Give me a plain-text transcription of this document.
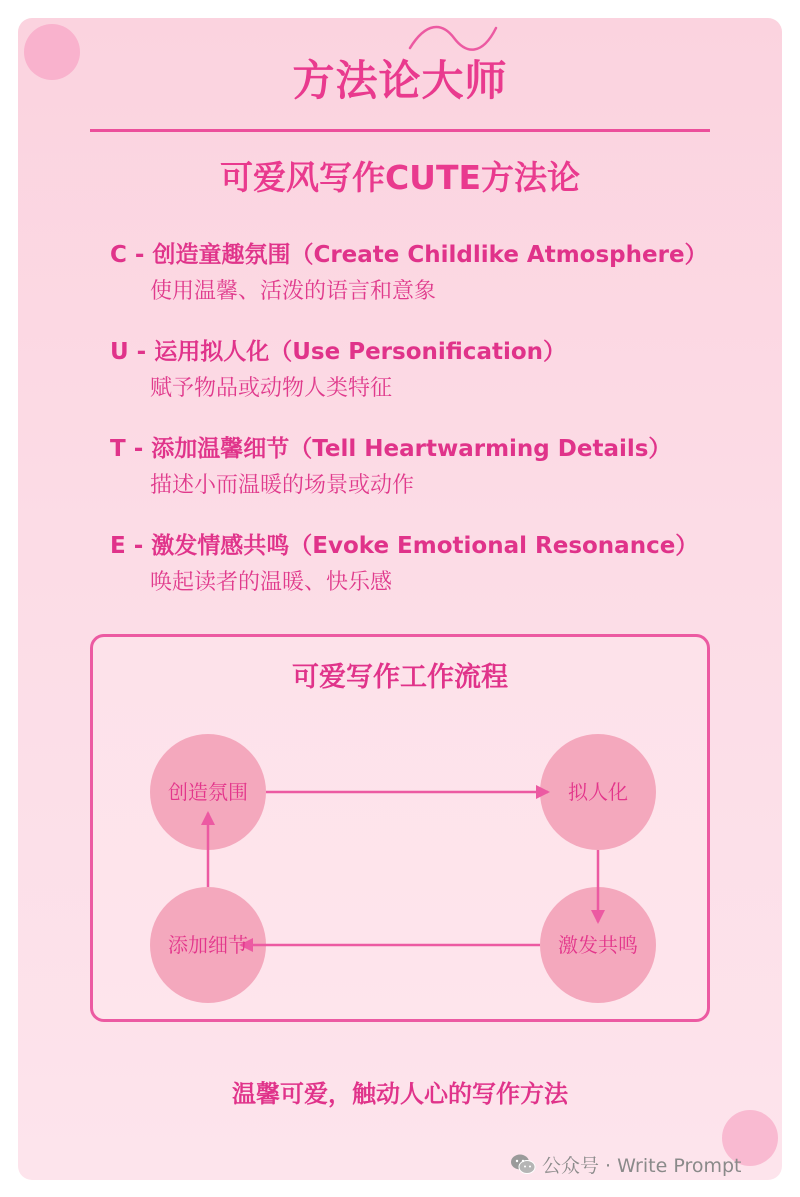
方法论大师
可爱风写作CUTE方法论
C - 创造童趣氛围（Create Childlike Atmosphere）
使用温馨、活泼的语言和意象
U - 运用拟人化（Use Personification）
赋予物品或动物人类特征
T - 添加温馨细节（Tell Heartwarming Details）
描述小而温暖的场景或动作
E - 激发情感共鸣（Evoke Emotional Resonance）
唤起读者的温暖、快乐感
可爱写作工作流程
创造氛围	拟人化
激发共鸣
添加细节
温馨可爱，触动人心的写作方法
公众号 · Write Prompt
